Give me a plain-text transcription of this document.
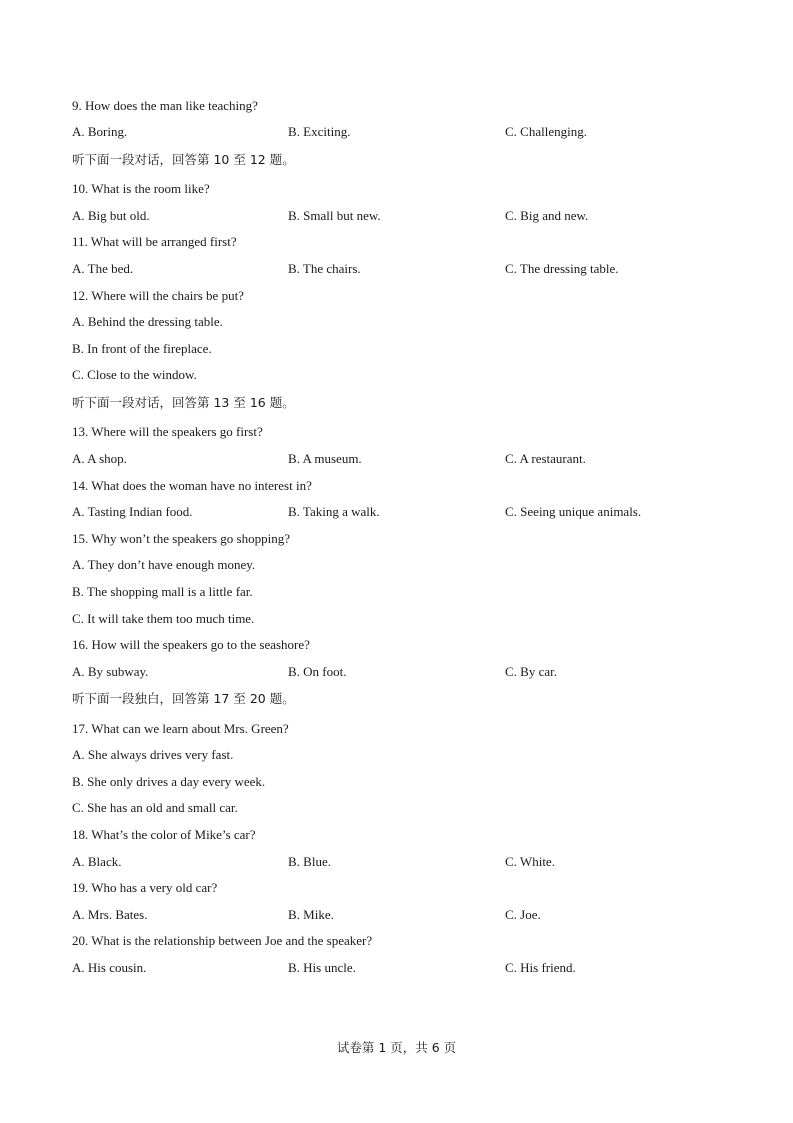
9. How does the man like teaching?
A. Boring.	B. Exciting.	C. Challenging.
听下面一段对话，回答第 10 至 12 题。
10. What is the room like?
A. Big but old.	B. Small but new.	C. Big and new.
11. What will be arranged first?
A. The bed.	B. The chairs.	C. The dressing table.
12. Where will the chairs be put?
A. Behind the dressing table.
B. In front of the fireplace.
C. Close to the window.
听下面一段对话，回答第 13 至 16 题。
13. Where will the speakers go first?
A. A shop.	B. A museum.	C. A restaurant.
14. What does the woman have no interest in?
A. Tasting Indian food.	B. Taking a walk.	C. Seeing unique animals.
15. Why won’t the speakers go shopping?
A. They don’t have enough money.
B. The shopping mall is a little far.
C. It will take them too much time.
16. How will the speakers go to the seashore?
A. By subway.	B. On foot.	C. By car.
听下面一段独白，回答第 17 至 20 题。
17. What can we learn about Mrs. Green?
A. She always drives very fast.
B. She only drives a day every week.
C. She has an old and small car.
18. What’s the color of Mike’s car?
A. Black.	B. Blue.	C. White.
19. Who has a very old car?
A. Mrs. Bates.	B. Mike.	C. Joe.
20. What is the relationship between Joe and the speaker?
A. His cousin.	B. His uncle.	C. His friend.
试卷第 1 页，共 6 页
